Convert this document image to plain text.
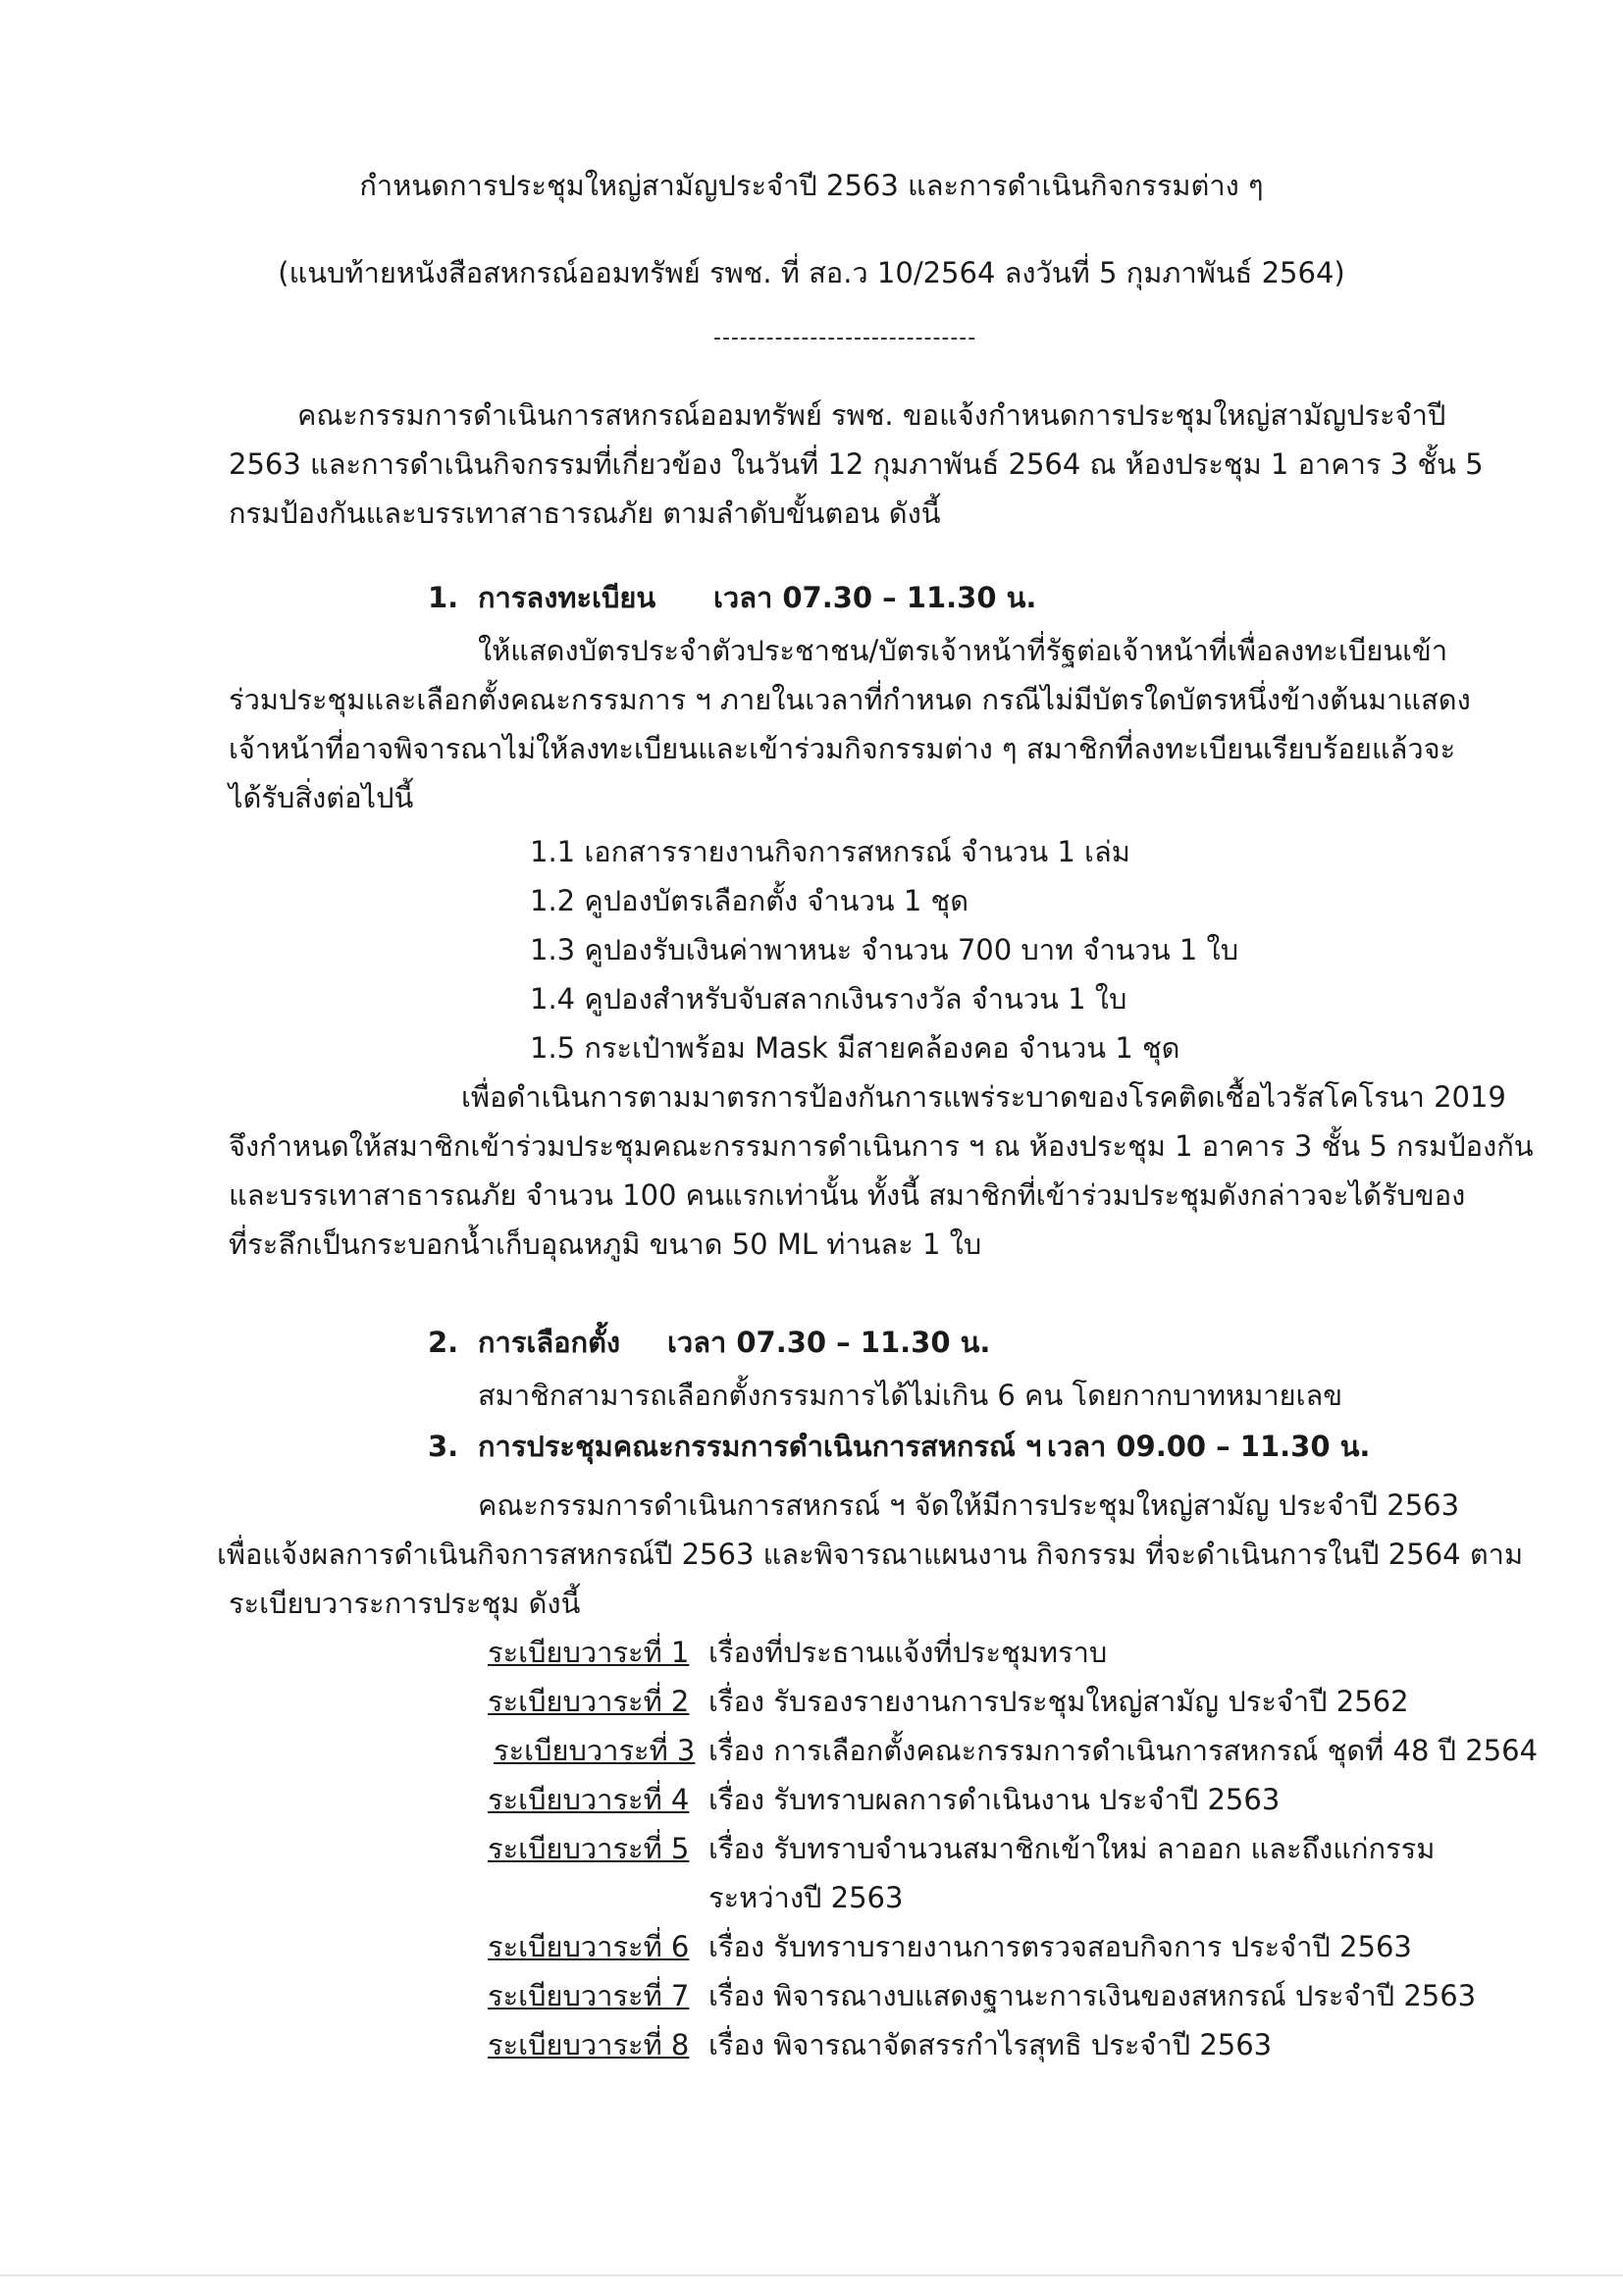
กำหนดการประชุมใหญ่สามัญประจำปี 2563 และการดำเนินกิจกรรมต่าง ๆ

(แนบท้ายหนังสือสหกรณ์ออมทรัพย์ รพช. ที่ สอ.ว 10/2564 ลงวันที่ 5 กุมภาพันธ์ 2564)

------------------------------

คณะกรรมการดำเนินการสหกรณ์ออมทรัพย์ รพช. ขอแจ้งกำหนดการประชุมใหญ่สามัญประจำปี

2563 และการดำเนินกิจกรรมที่เกี่ยวข้อง ในวันที่ 12 กุมภาพันธ์ 2564 ณ ห้องประชุม 1 อาคาร 3 ชั้น 5

กรมป้องกันและบรรเทาสาธารณภัย ตามลำดับขั้นตอน ดังนี้

1. การลงทะเบียน เวลา 07.30 – 11.30 น.

ให้แสดงบัตรประจำตัวประชาชน/บัตรเจ้าหน้าที่รัฐต่อเจ้าหน้าที่เพื่อลงทะเบียนเข้า

ร่วมประชุมและเลือกตั้งคณะกรรมการ ฯ ภายในเวลาที่กำหนด กรณีไม่มีบัตรใดบัตรหนึ่งข้างต้นมาแสดง

เจ้าหน้าที่อาจพิจารณาไม่ให้ลงทะเบียนและเข้าร่วมกิจกรรมต่าง ๆ สมาชิกที่ลงทะเบียนเรียบร้อยแล้วจะ

ได้รับสิ่งต่อไปนี้

1.1 เอกสารรายงานกิจการสหกรณ์ จำนวน 1 เล่ม

1.2 คูปองบัตรเลือกตั้ง จำนวน 1 ชุด

1.3 คูปองรับเงินค่าพาหนะ จำนวน 700 บาท จำนวน 1 ใบ

1.4 คูปองสำหรับจับสลากเงินรางวัล จำนวน 1 ใบ

1.5 กระเป๋าพร้อม Mask มีสายคล้องคอ จำนวน 1 ชุด

เพื่อดำเนินการตามมาตรการป้องกันการแพร่ระบาดของโรคติดเชื้อไวรัสโคโรนา 2019

จึงกำหนดให้สมาชิกเข้าร่วมประชุมคณะกรรมการดำเนินการ ฯ ณ ห้องประชุม 1 อาคาร 3 ชั้น 5 กรมป้องกัน

และบรรเทาสาธารณภัย จำนวน 100 คนแรกเท่านั้น ทั้งนี้ สมาชิกที่เข้าร่วมประชุมดังกล่าวจะได้รับของ

ที่ระลึกเป็นกระบอกน้ำเก็บอุณหภูมิ ขนาด 50 ML ท่านละ 1 ใบ

2. การเลือกตั้ง เวลา 07.30 – 11.30 น.

สมาชิกสามารถเลือกตั้งกรรมการได้ไม่เกิน 6 คน โดยกากบาทหมายเลข

3. การประชุมคณะกรรมการดำเนินการสหกรณ์ ฯ เวลา 09.00 – 11.30 น.

คณะกรรมการดำเนินการสหกรณ์ ฯ จัดให้มีการประชุมใหญ่สามัญ ประจำปี 2563

เพื่อแจ้งผลการดำเนินกิจการสหกรณ์ปี 2563 และพิจารณาแผนงาน กิจกรรม ที่จะดำเนินการในปี 2564 ตาม

ระเบียบวาระการประชุม ดังนี้

ระเบียบวาระที่ 1 เรื่องที่ประธานแจ้งที่ประชุมทราบ
ระเบียบวาระที่ 2 เรื่อง รับรองรายงานการประชุมใหญ่สามัญ ประจำปี 2562
ระเบียบวาระที่ 3 เรื่อง การเลือกตั้งคณะกรรมการดำเนินการสหกรณ์ ชุดที่ 48 ปี 2564
ระเบียบวาระที่ 4 เรื่อง รับทราบผลการดำเนินงาน ประจำปี 2563
ระเบียบวาระที่ 5 เรื่อง รับทราบจำนวนสมาชิกเข้าใหม่ ลาออก และถึงแก่กรรม
ระหว่างปี 2563
ระเบียบวาระที่ 6 เรื่อง รับทราบรายงานการตรวจสอบกิจการ ประจำปี 2563
ระเบียบวาระที่ 7 เรื่อง พิจารณางบแสดงฐานะการเงินของสหกรณ์ ประจำปี 2563
ระเบียบวาระที่ 8 เรื่อง พิจารณาจัดสรรกำไรสุทธิ ประจำปี 2563
